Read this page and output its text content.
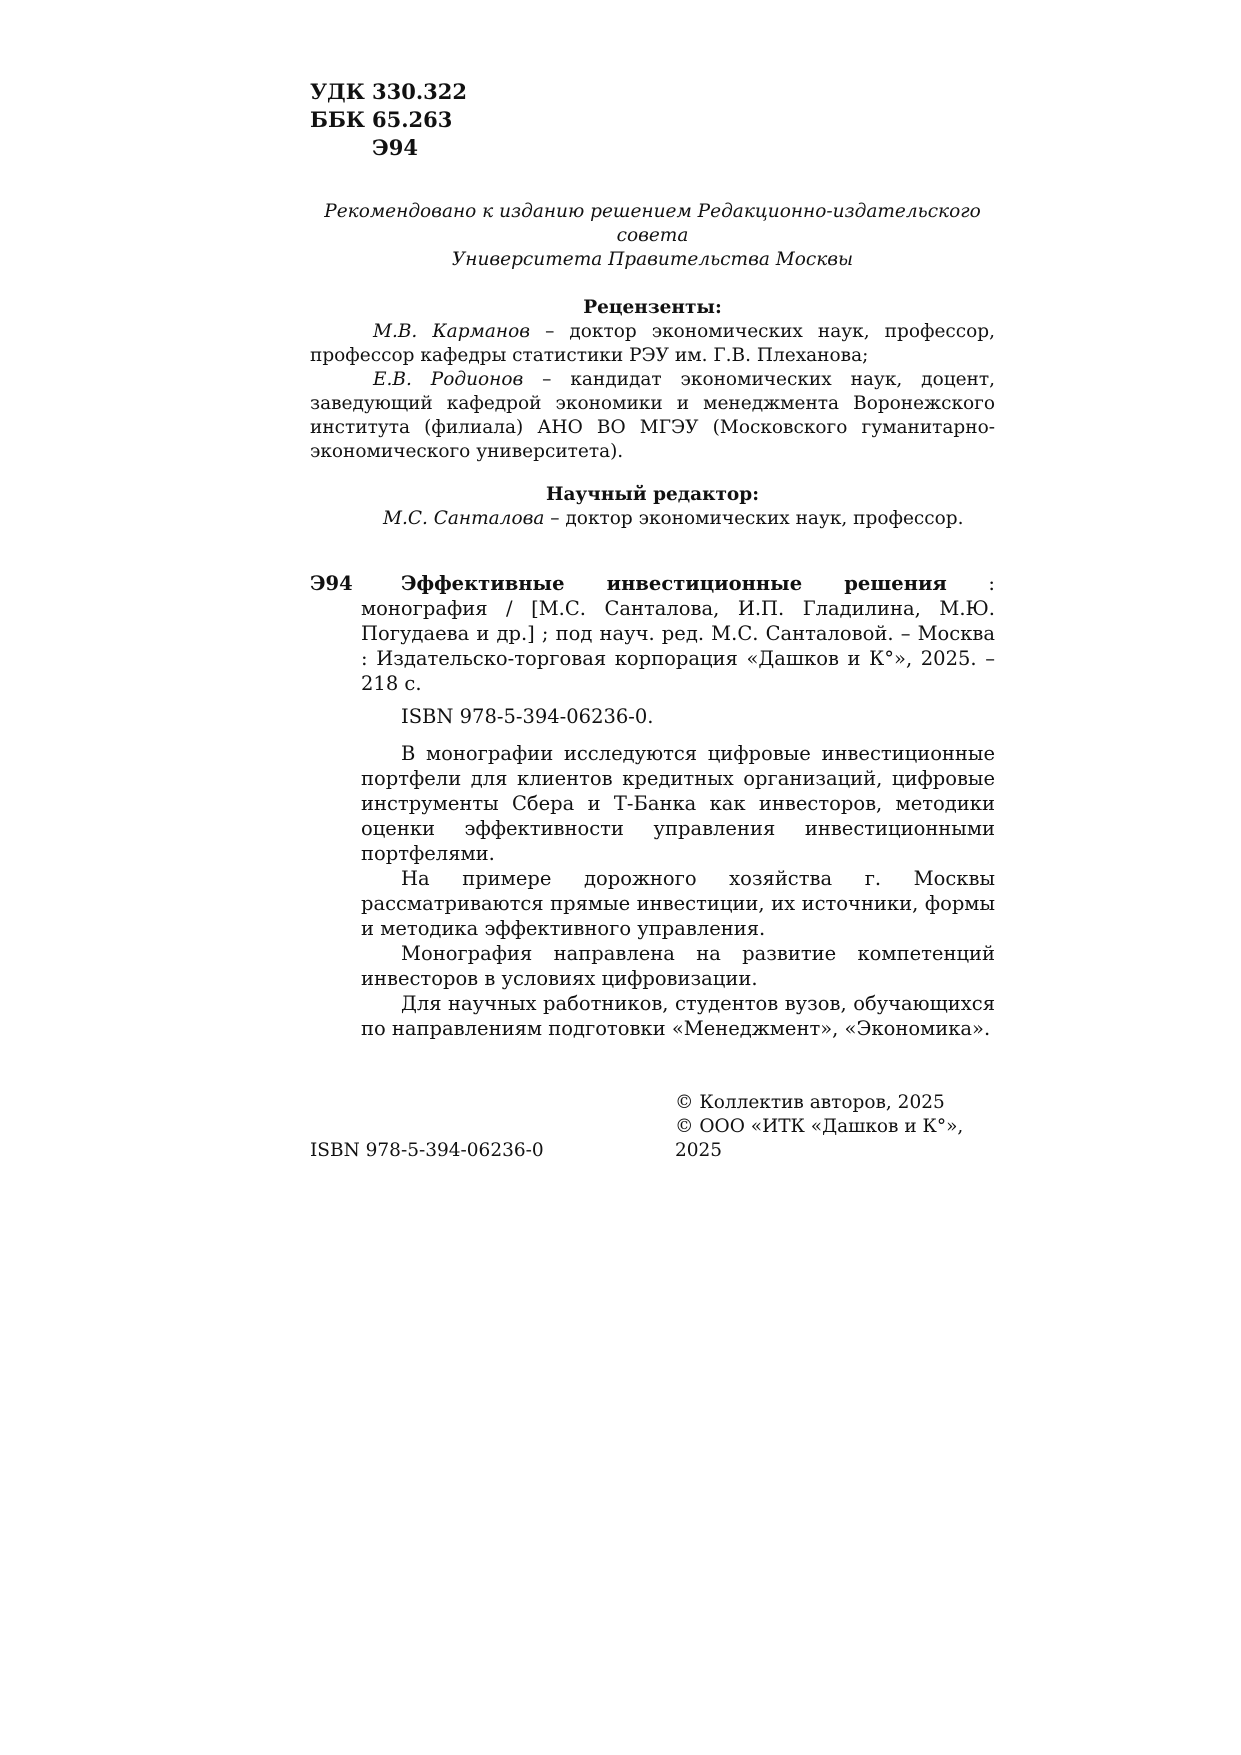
УДК 330.322
ББК 65.263
Э94
Рекомендовано к изданию решением Редакционно-издательского совета
Университета Правительства Москвы
Рецензенты:
М.В. Карманов – доктор экономических наук, профессор, профессор кафедры статистики РЭУ им. Г.В. Плеханова;
Е.В. Родионов – кандидат экономических наук, доцент, заведующий кафедрой экономики и менеджмента Воронежского института (филиала) АНО ВО МГЭУ (Московского гуманитарно-экономического университета).
Научный редактор:
М.С. Санталова – доктор экономических наук, профессор.
Э94	Эффективные инвестиционные решения : монография / [М.С. Санталова, И.П. Гладилина, М.Ю. Погудаева и др.] ; под науч. ред. М.С. Санталовой. – Москва : Издательско-торговая корпорация «Дашков и К°», 2025. – 218 с.
ISBN 978-5-394-06236-0.

В монографии исследуются цифровые инвестиционные портфели для клиентов кредитных организаций, цифровые инструменты Сбера и Т-Банка как инвесторов, методики оценки эффективности управления инвестиционными портфелями.

На примере дорожного хозяйства г. Москвы рассматриваются прямые инвестиции, их источники, формы и методика эффективного управления.

Монография направлена на развитие компетенций инвесторов в условиях цифровизации.

Для научных работников, студентов вузов, обучающихся по направлениям подготовки «Менеджмент», «Экономика».

ISBN 978-5-394-06236-0
© Коллектив авторов, 2025
© ООО «ИТК «Дашков и К°», 2025
